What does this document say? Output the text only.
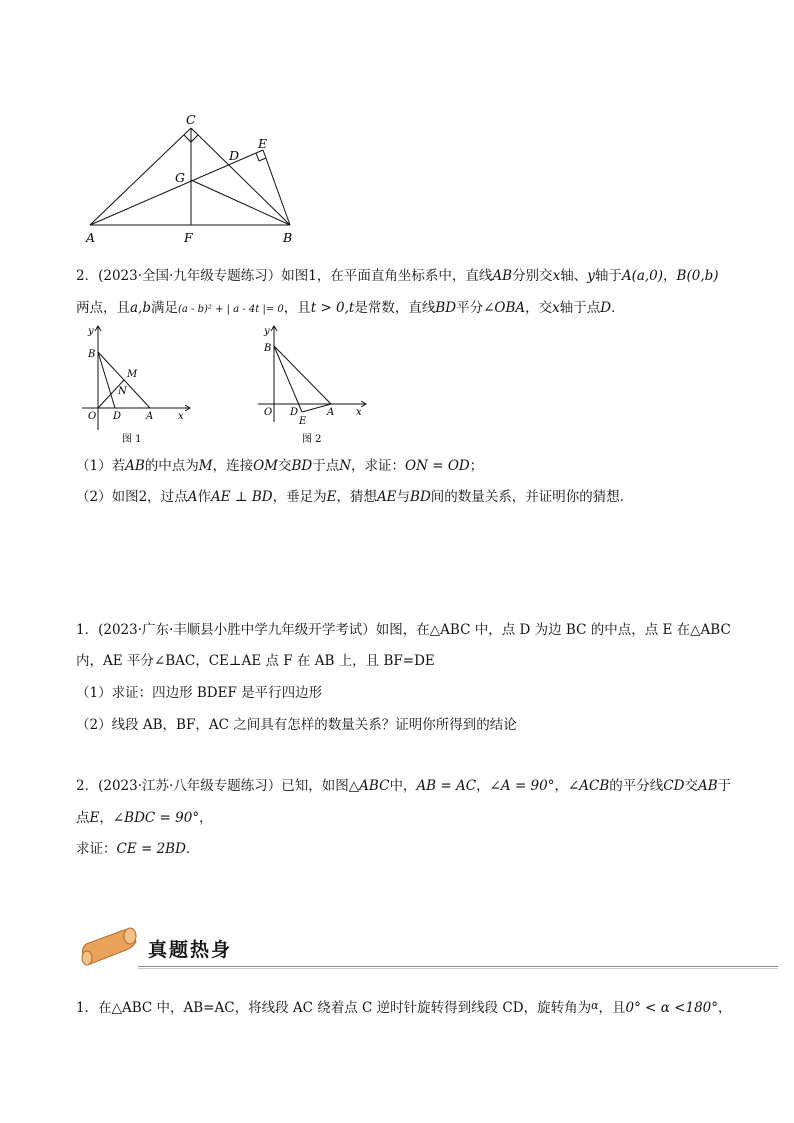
C
E
D
G
A	F	B
2．(2023·全国·九年级专题练习）如图1，在平面直角坐标系中，直线AB分别交x轴、y轴于A(a,0)，B(0,b)
两点，且a,b满足(a - b)² + | a - 4t |= 0，且t > 0,t是常数，直线BD平分∠OBA，交x轴于点D．
y
B
M
N
O D A x
图 1
y
B
O D	A
E
x
图 2
（1）若AB的中点为M，连接OM交BD于点N，求证：ON = OD；
（2）如图2，过点A作AE ⊥ BD，垂足为E，猜想AE与BD间的数量关系，并证明你的猜想．
1．(2023·广东·丰顺县小胜中学九年级开学考试）如图，在△ABC 中，点 D 为边 BC 的中点，点 E 在△ABC
内，AE 平分∠BAC，CE⊥AE 点 F 在 AB 上，且 BF=DE
（1）求证：四边形 BDEF 是平行四边形
（2）线段 AB，BF，AC 之间具有怎样的数量关系？证明你所得到的结论
2．(2023·江苏·八年级专题练习）已知，如图△ABC中，AB = AC，∠A = 90°，∠ACB的平分线CD交AB于
点E，∠BDC = 90°，
求证：CE = 2BD．
真题热身
1．在△ABC 中，AB=AC，将线段 AC 绕着点 C 逆时针旋转得到线段 CD，旋转角为$^\alpha$，且0° < α <180°，
